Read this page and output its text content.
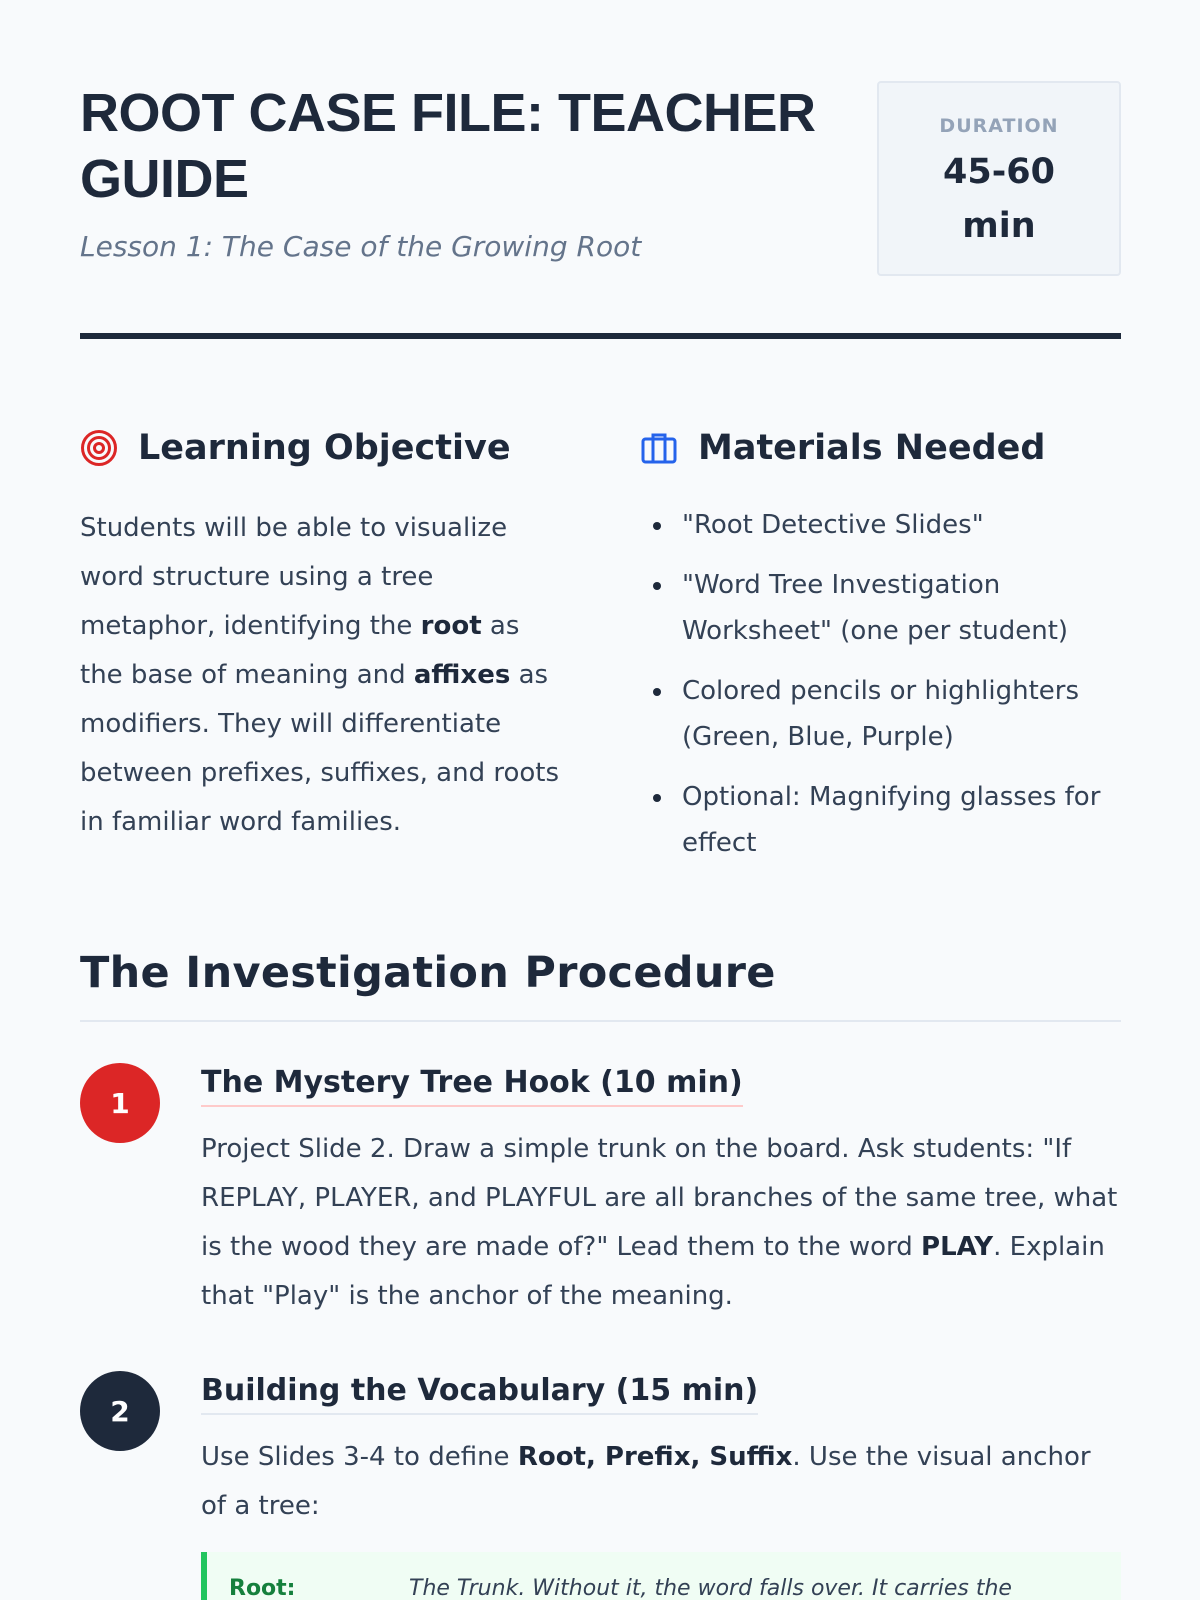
ROOT CASE FILE: TEACHER GUIDE

Lesson 1: The Case of the Growing Root

DURATION
45-60 min
Learning Objective

Students will be able to visualize word structure using a tree metaphor, identifying the root as the base of meaning and affixes as modifiers. They will differentiate between prefixes, suffixes, and roots in familiar word families.

Materials Needed
"Root Detective Slides"
"Word Tree Investigation Worksheet" (one per student)
Colored pencils or highlighters (Green, Blue, Purple)
Optional: Magnifying glasses for effect
The Investigation Procedure
1
The Mystery Tree Hook (10 min)

Project Slide 2. Draw a simple trunk on the board. Ask students: "If REPLAY, PLAYER, and PLAYFUL are all branches of the same tree, what is the wood they are made of?" Lead them to the word PLAY. Explain that "Play" is the anchor of the meaning.

2
Building the Vocabulary (15 min)

Use Slides 3-4 to define Root, Prefix, Suffix. Use the visual anchor of a tree:

Root:	The Trunk. Without it, the word falls over. It carries the
